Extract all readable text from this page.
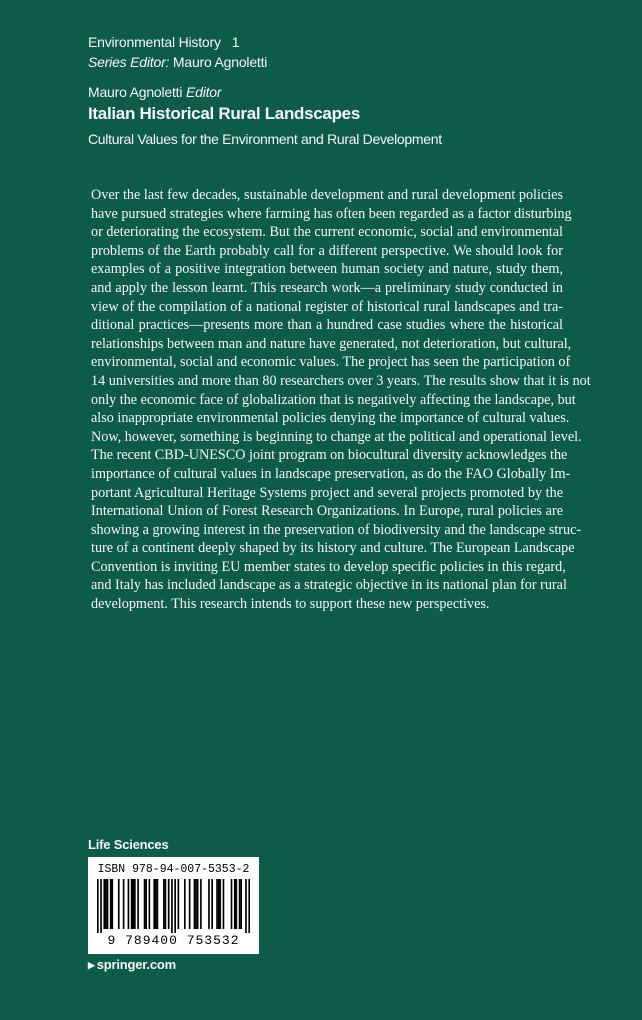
Environmental History   1
Series Editor: Mauro Agnoletti
Mauro Agnoletti Editor
Italian Historical Rural Landscapes
Cultural Values for the Environment and Rural Development
Over the last few decades, sustainable development and rural development policies
have pursued strategies where farming has often been regarded as a factor disturbing
or deteriorating the ecosystem. But the current economic, social and environmental
problems of the Earth probably call for a different perspective. We should look for
examples of a positive integration between human society and nature, study them,
and apply the lesson learnt. This research work—a preliminary study conducted in
view of the compilation of a national register of historical rural landscapes and tra-
ditional practices—presents more than a hundred case studies where the historical
relationships between man and nature have generated, not deterioration, but cultural,
environmental, social and economic values. The project has seen the participation of
14 universities and more than 80 researchers over 3 years. The results show that it is not
only the economic face of globalization that is negatively affecting the landscape, but
also inappropriate environmental policies denying the importance of cultural values.
Now, however, something is beginning to change at the political and operational level.
The recent CBD-UNESCO joint program on biocultural diversity acknowledges the
importance of cultural values in landscape preservation, as do the FAO Globally Im-
portant Agricultural Heritage Systems project and several projects promoted by the
International Union of Forest Research Organizations. In Europe, rural policies are
showing a growing interest in the preservation of biodiversity and the landscape struc-
ture of a continent deeply shaped by its history and culture. The European Landscape
Convention is inviting EU member states to develop specific policies in this regard,
and Italy has included landscape as a strategic objective in its national plan for rural
development. This research intends to support these new perspectives.
Life Sciences
ISBN 978-94-007-5353-2
9 789400 753532
▶ springer.com
